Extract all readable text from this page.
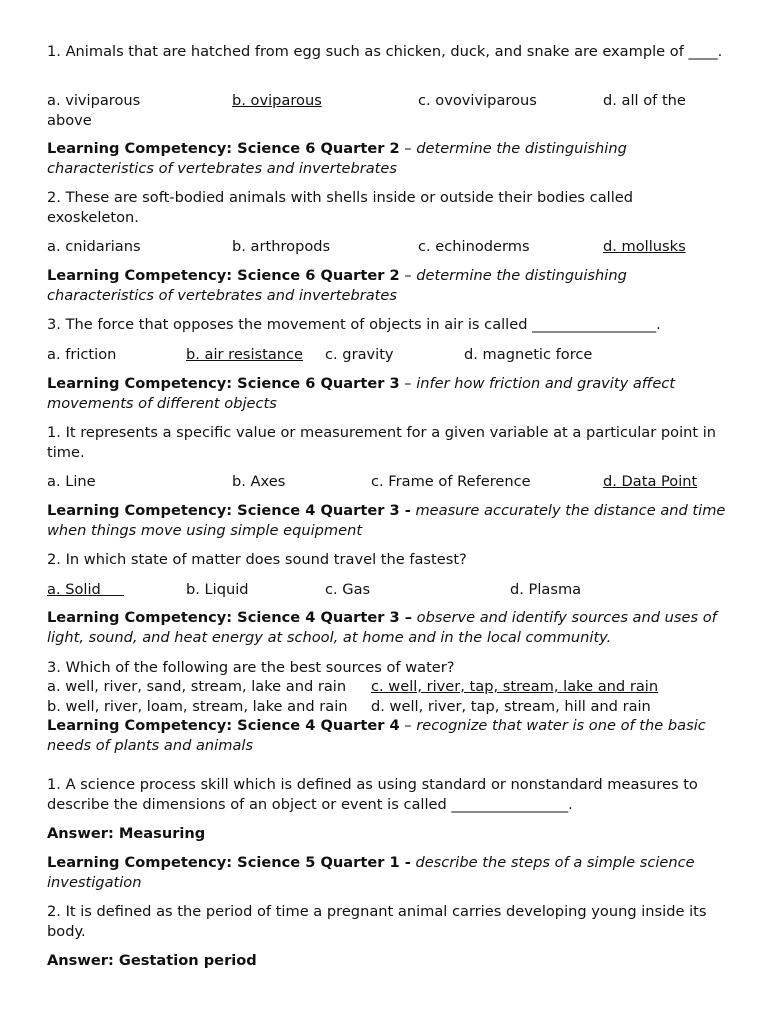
1. Animals that are hatched from egg such as chicken, duck, and snake are example of ____.
a. viviparous	b. oviparous	c. ovoviviparous	d. all of the
above
Learning Competency: Science 6 Quarter 2 – determine the distinguishing characteristics of vertebrates and invertebrates
2. These are soft-bodied animals with shells inside or outside their bodies called exoskeleton.
a. cnidarians	b. arthropods	c. echinoderms	d. mollusks
Learning Competency: Science 6 Quarter 2 – determine the distinguishing characteristics of vertebrates and invertebrates
3. The force that opposes the movement of objects in air is called _________________.
a. friction	b. air resistance c. gravity	d. magnetic force
Learning Competency: Science 6 Quarter 3 – infer how friction and gravity affect movements of different objects
1. It represents a specific value or measurement for a given variable at a particular point in time.
a. Line	b. Axes	c. Frame of Reference	d. Data Point
Learning Competency: Science 4 Quarter 3 - measure accurately the distance and time when things move using simple equipment
2. In which state of matter does sound travel the fastest?
a. Solid	b. Liquid	c. Gas	d. Plasma
Learning Competency: Science 4 Quarter 3 – observe and identify sources and uses of light, sound, and heat energy at school, at home and in the local community.
3. Which of the following are the best sources of water?
a. well, river, sand, stream, lake and rain c. well, river, tap, stream, lake and rain
b. well, river, loam, stream, lake and rain d. well, river, tap, stream, hill and rain
Learning Competency: Science 4 Quarter 4 – recognize that water is one of the basic needs of plants and animals
1. A science process skill which is defined as using standard or nonstandard measures to describe the dimensions of an object or event is called ________________.
Answer: Measuring
Learning Competency: Science 5 Quarter 1 - describe the steps of a simple science investigation
2. It is defined as the period of time a pregnant animal carries developing young inside its body.
Answer: Gestation period
